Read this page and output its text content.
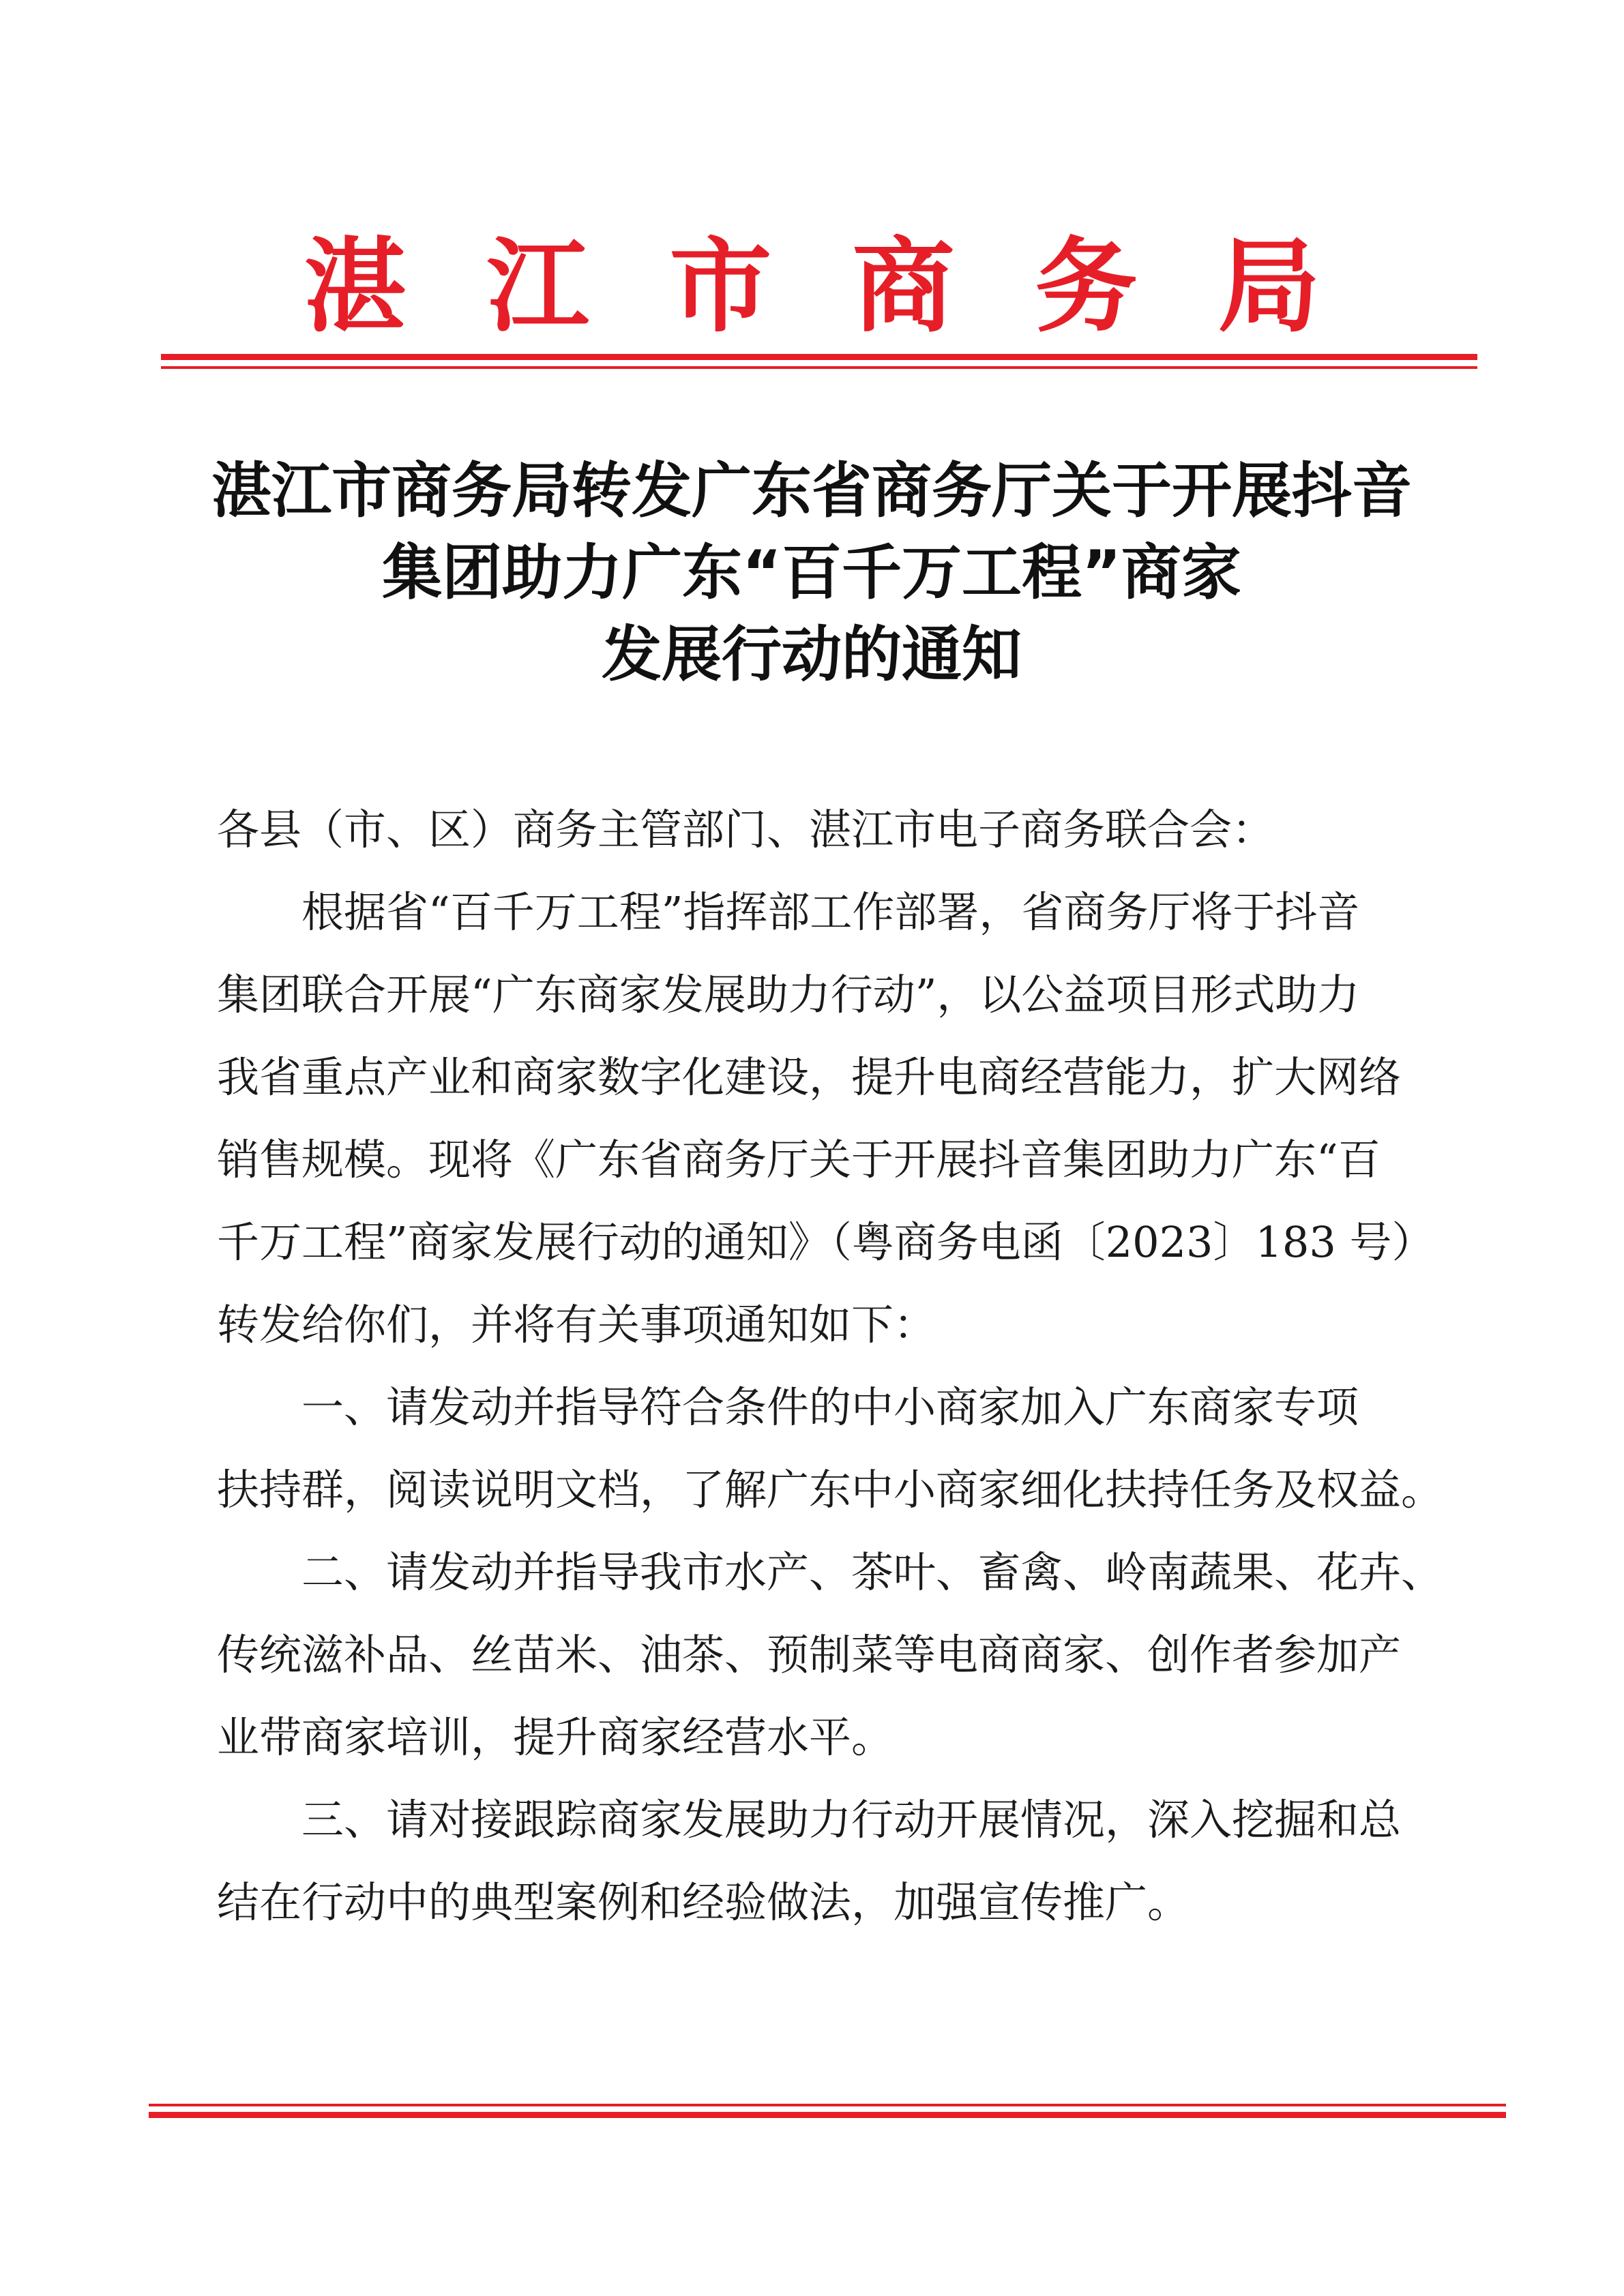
湛江市商务局
湛江市商务局转发广东省商务厅关于开展抖音
集团助力广东“百千万工程”商家
发展行动的通知
各县（市、区）商务主管部门、湛江市电子商务联合会：
根据省“百千万工程”指挥部工作部署，省商务厅将于抖音
集团联合开展“广东商家发展助力行动”，以公益项目形式助力
我省重点产业和商家数字化建设，提升电商经营能力，扩大网络
销售规模。现将《广东省商务厅关于开展抖音集团助力广东“百
千万工程”商家发展行动的通知》（粤商务电函〔2023〕183 号）
转发给你们，并将有关事项通知如下：
一、请发动并指导符合条件的中小商家加入广东商家专项
扶持群，阅读说明文档，了解广东中小商家细化扶持任务及权益。
二、请发动并指导我市水产、茶叶、畜禽、岭南蔬果、花卉、
传统滋补品、丝苗米、油茶、预制菜等电商商家、创作者参加产
业带商家培训，提升商家经营水平。
三、请对接跟踪商家发展助力行动开展情况，深入挖掘和总
结在行动中的典型案例和经验做法，加强宣传推广。
